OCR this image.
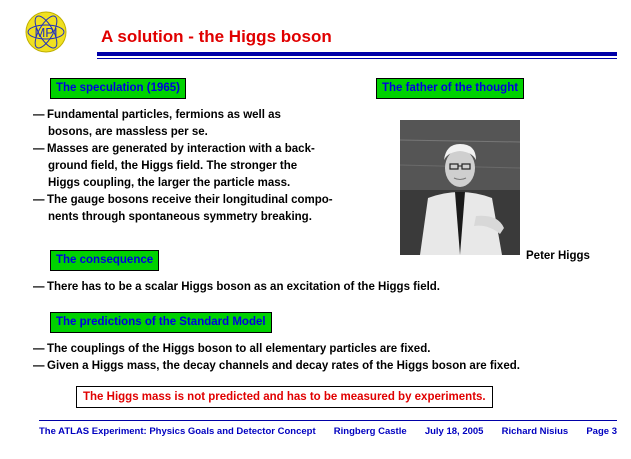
MPI	A solution - the Higgs boson
The speculation (1965)
— Fundamental particles, fermions as well as
bosons, are massless per se.
— Masses are generated by interaction with a back-
ground field, the Higgs field. The stronger the
Higgs coupling, the larger the particle mass.
— The gauge bosons receive their longitudinal compo-
nents through spontaneous symmetry breaking.
The father of the thought
Peter Higgs
The consequence
— There has to be a scalar Higgs boson as an excitation of the Higgs field.
The predictions of the Standard Model
— The couplings of the Higgs boson to all elementary particles are fixed.
— Given a Higgs mass, the decay channels and decay rates of the Higgs boson are fixed.
The Higgs mass is not predicted and has to be measured by experiments.
The ATLAS Experiment: Physics Goals and Detector Concept Ringberg Castle July 18, 2005 Richard Nisius Page 3
